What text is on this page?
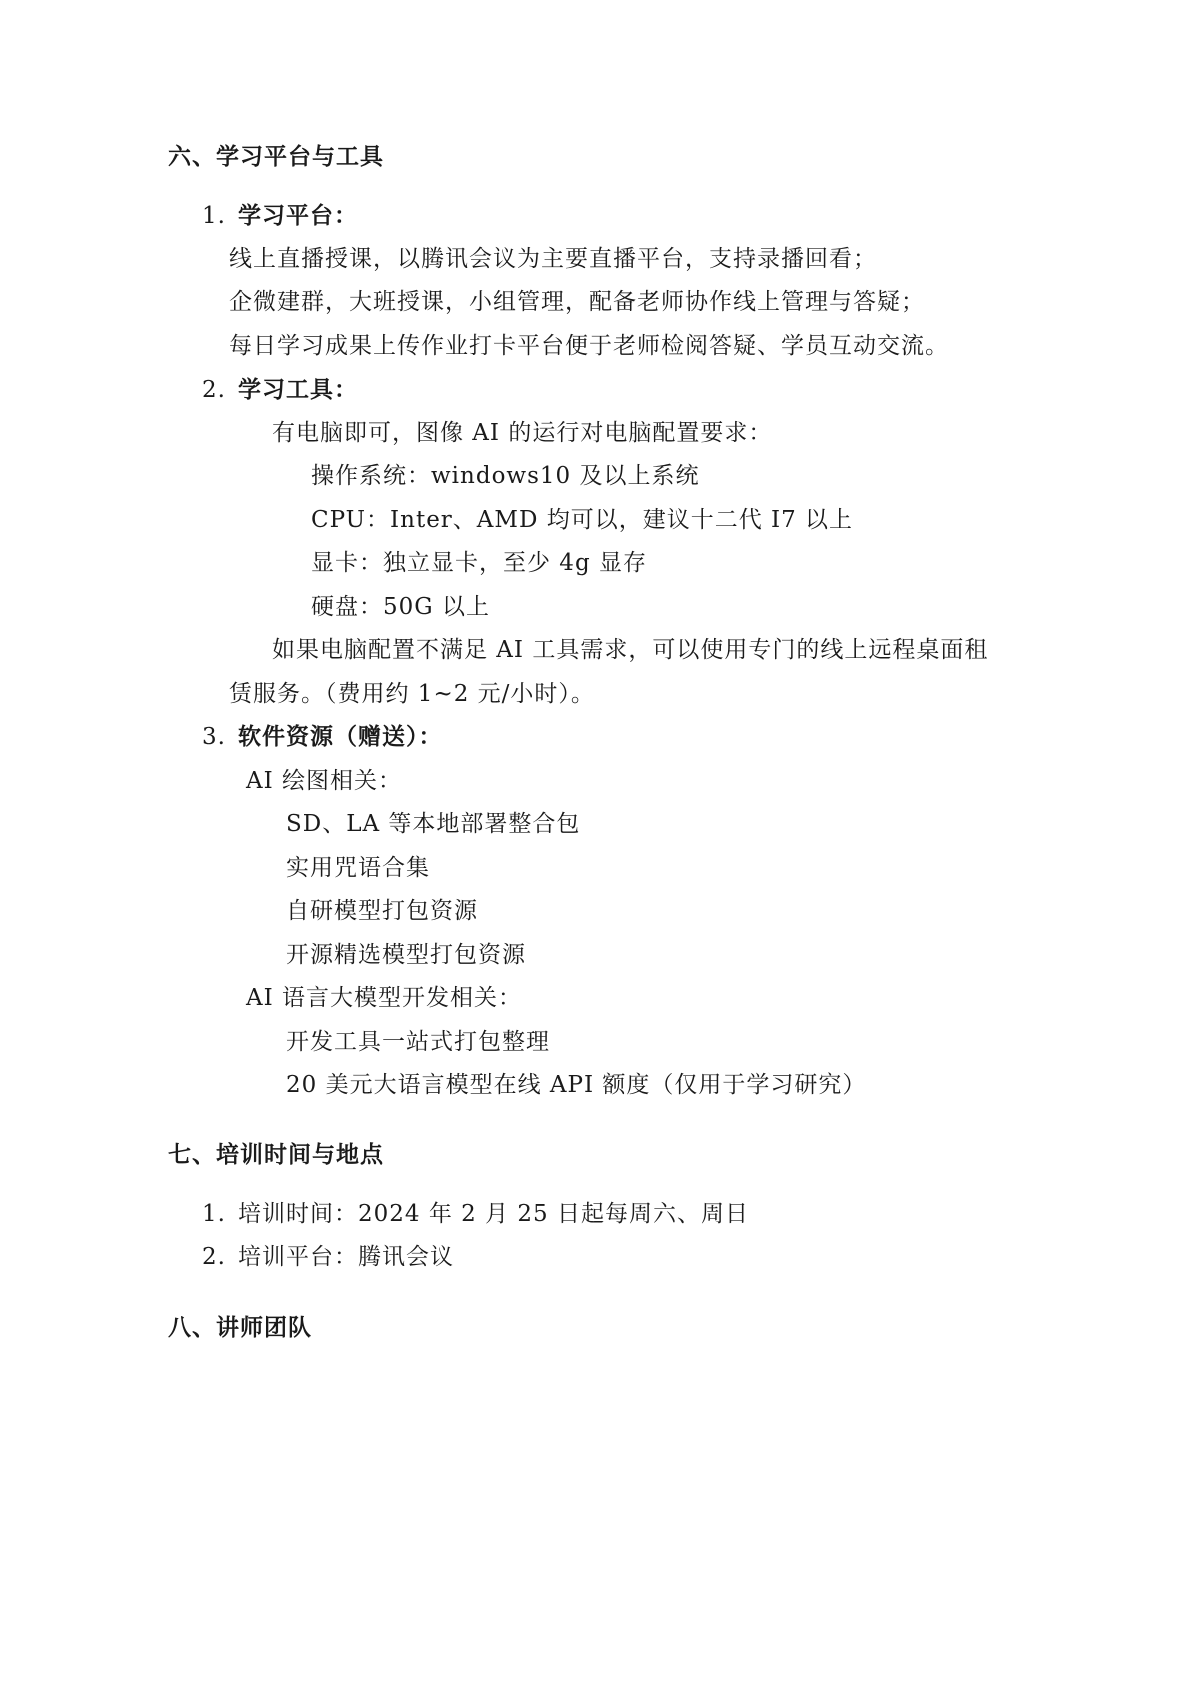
六、学习平台与工具
1. 学习平台：
线上直播授课，以腾讯会议为主要直播平台，支持录播回看；
企微建群，大班授课，小组管理，配备老师协作线上管理与答疑；
每日学习成果上传作业打卡平台便于老师检阅答疑、学员互动交流。
2. 学习工具：
有电脑即可，图像 AI 的运行对电脑配置要求：
操作系统：windows10 及以上系统
CPU：Inter、AMD 均可以，建议十二代 I7 以上
显卡：独立显卡，至少 4g 显存
硬盘：50G 以上
如果电脑配置不满足 AI 工具需求，可以使用专门的线上远程桌面租
赁服务。（费用约 1~2 元/小时）。
3. 软件资源（赠送）：
AI 绘图相关：
SD、LA 等本地部署整合包
实用咒语合集
自研模型打包资源
开源精选模型打包资源
AI 语言大模型开发相关：
开发工具一站式打包整理
20 美元大语言模型在线 API 额度（仅用于学习研究）
七、培训时间与地点
1. 培训时间：2024 年 2 月 25 日起每周六、周日
2. 培训平台：腾讯会议
八、讲师团队
